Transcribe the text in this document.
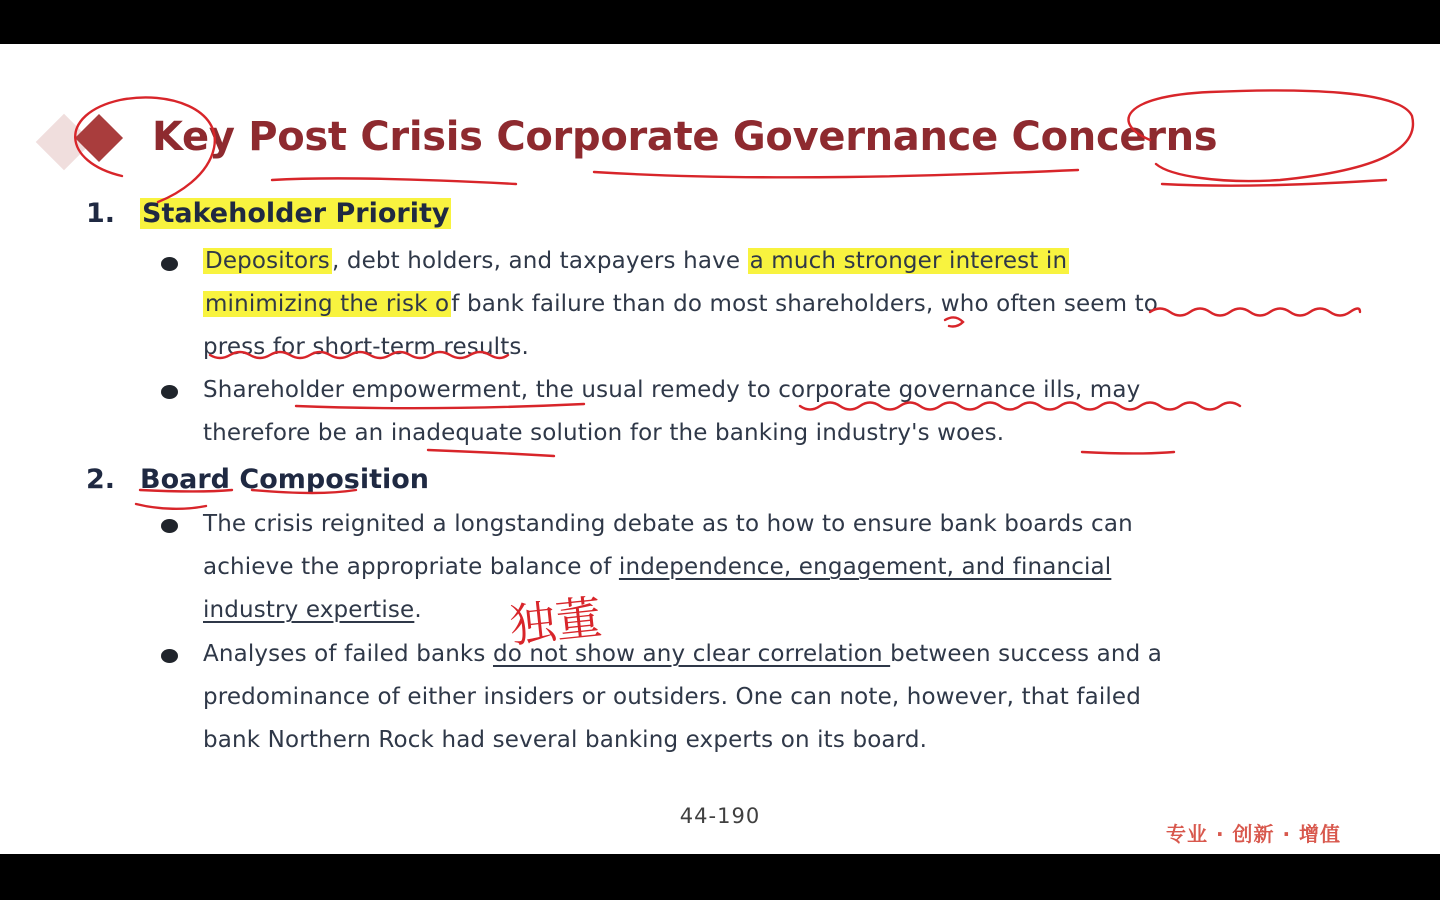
Key Post Crisis Corporate Governance Concerns

1. Stakeholder Priority

Depositors, debt holders, and taxpayers have a much stronger interest in

minimizing the risk of bank failure than do most shareholders, who often seem to

press for short-term results.

Shareholder empowerment, the usual remedy to corporate governance ills, may

therefore be an inadequate solution for the banking industry's woes.

2. Board Composition

The crisis reignited a longstanding debate as to how to ensure bank boards can

achieve the appropriate balance of independence, engagement, and financial

industry expertise.

Analyses of failed banks do not show any clear correlation between success and a

predominance of either insiders or outsiders. One can note, however, that failed

bank Northern Rock had several banking experts on its board.

44-190
专业 · 创新 · 增值
独董
